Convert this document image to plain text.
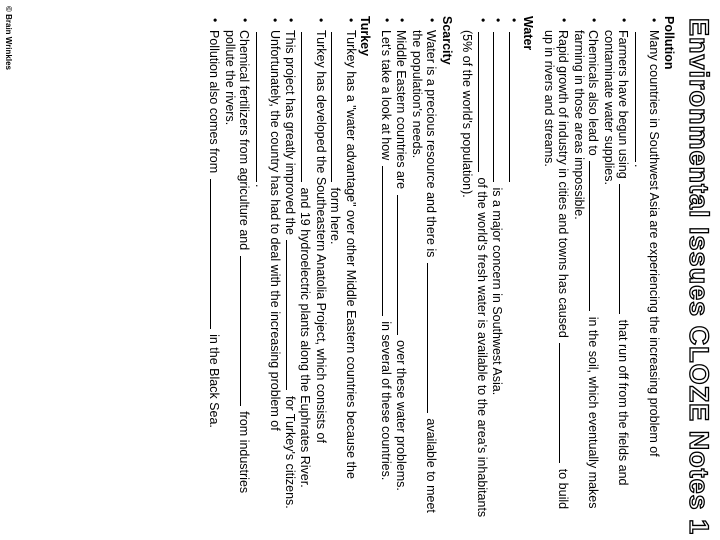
Environmental Issues CLOZE Notes 1
Pollution
• Many countries in Southwest Asia are experiencing the increasing problem of .
• Farmers have begun using  that run off from the fields and contaminate water supplies.
• Chemicals also lead to  in the soil, which eventually makes farming in those areas impossible.
• Rapid growth of industry in cities and towns has caused  to build up in rivers and streams.
Water
•
• is a major concern in Southwest Asia.
• of the world's fresh water is available to the area's inhabitants (5% of the world's population).
Scarcity
• Water is a precious resource and there is  available to meet the population's needs.
• Middle Eastern countries are  over these water problems.
• Let's take a look at how  in several of these countries.
Turkey
• Turkey has a "water advantage" over other Middle Eastern countries because the  form here.
• Turkey has developed the Southeastern Anatolia Project, which consists of  and 19 hydroelectric plants along the Euphrates River.
• This project has greatly improved the  for Turkey's citizens.
• Unfortunately, the country has had to deal with the increasing problem of .
• Chemical fertilizers from agriculture and  from industries pollute the rivers.
• Pollution also comes from  in the Black Sea.
© Brain Wrinkles
